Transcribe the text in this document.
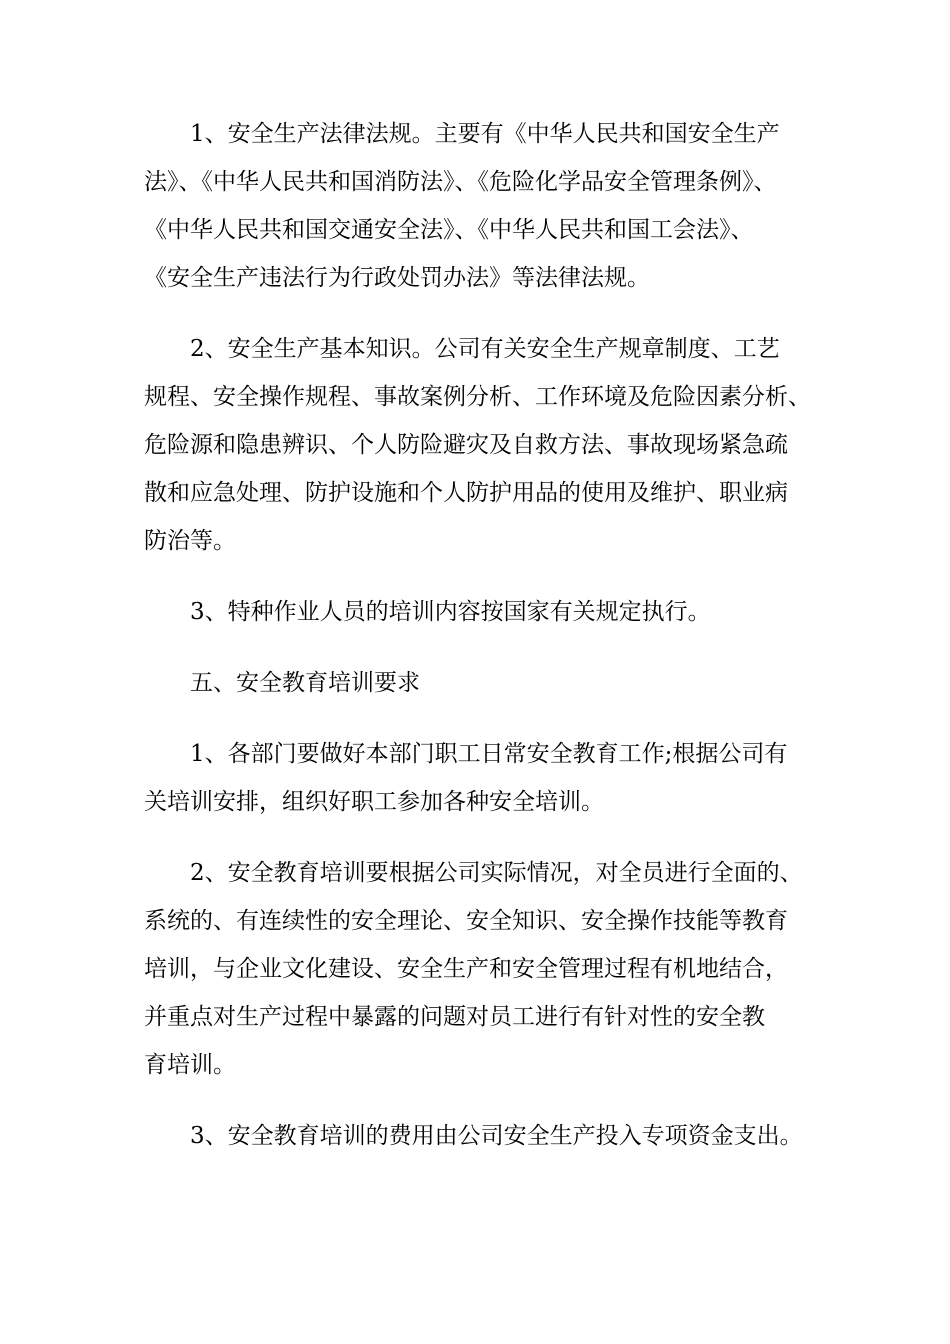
1、安全生产法律法规。主要有《中华人民共和国安全生产
法》、《中华人民共和国消防法》、《危险化学品安全管理条例》、
《中华人民共和国交通安全法》、《中华人民共和国工会法》、
《安全生产违法行为行政处罚办法》等法律法规。
2、安全生产基本知识。公司有关安全生产规章制度、工艺
规程、安全操作规程、事故案例分析、工作环境及危险因素分析、
危险源和隐患辨识、个人防险避灾及自救方法、事故现场紧急疏
散和应急处理、防护设施和个人防护用品的使用及维护、职业病
防治等。
3、特种作业人员的培训内容按国家有关规定执行。
五、安全教育培训要求
1、各部门要做好本部门职工日常安全教育工作;根据公司有
关培训安排，组织好职工参加各种安全培训。
2、安全教育培训要根据公司实际情况，对全员进行全面的、
系统的、有连续性的安全理论、安全知识、安全操作技能等教育
培训，与企业文化建设、安全生产和安全管理过程有机地结合，
并重点对生产过程中暴露的问题对员工进行有针对性的安全教
育培训。
3、安全教育培训的费用由公司安全生产投入专项资金支出。
